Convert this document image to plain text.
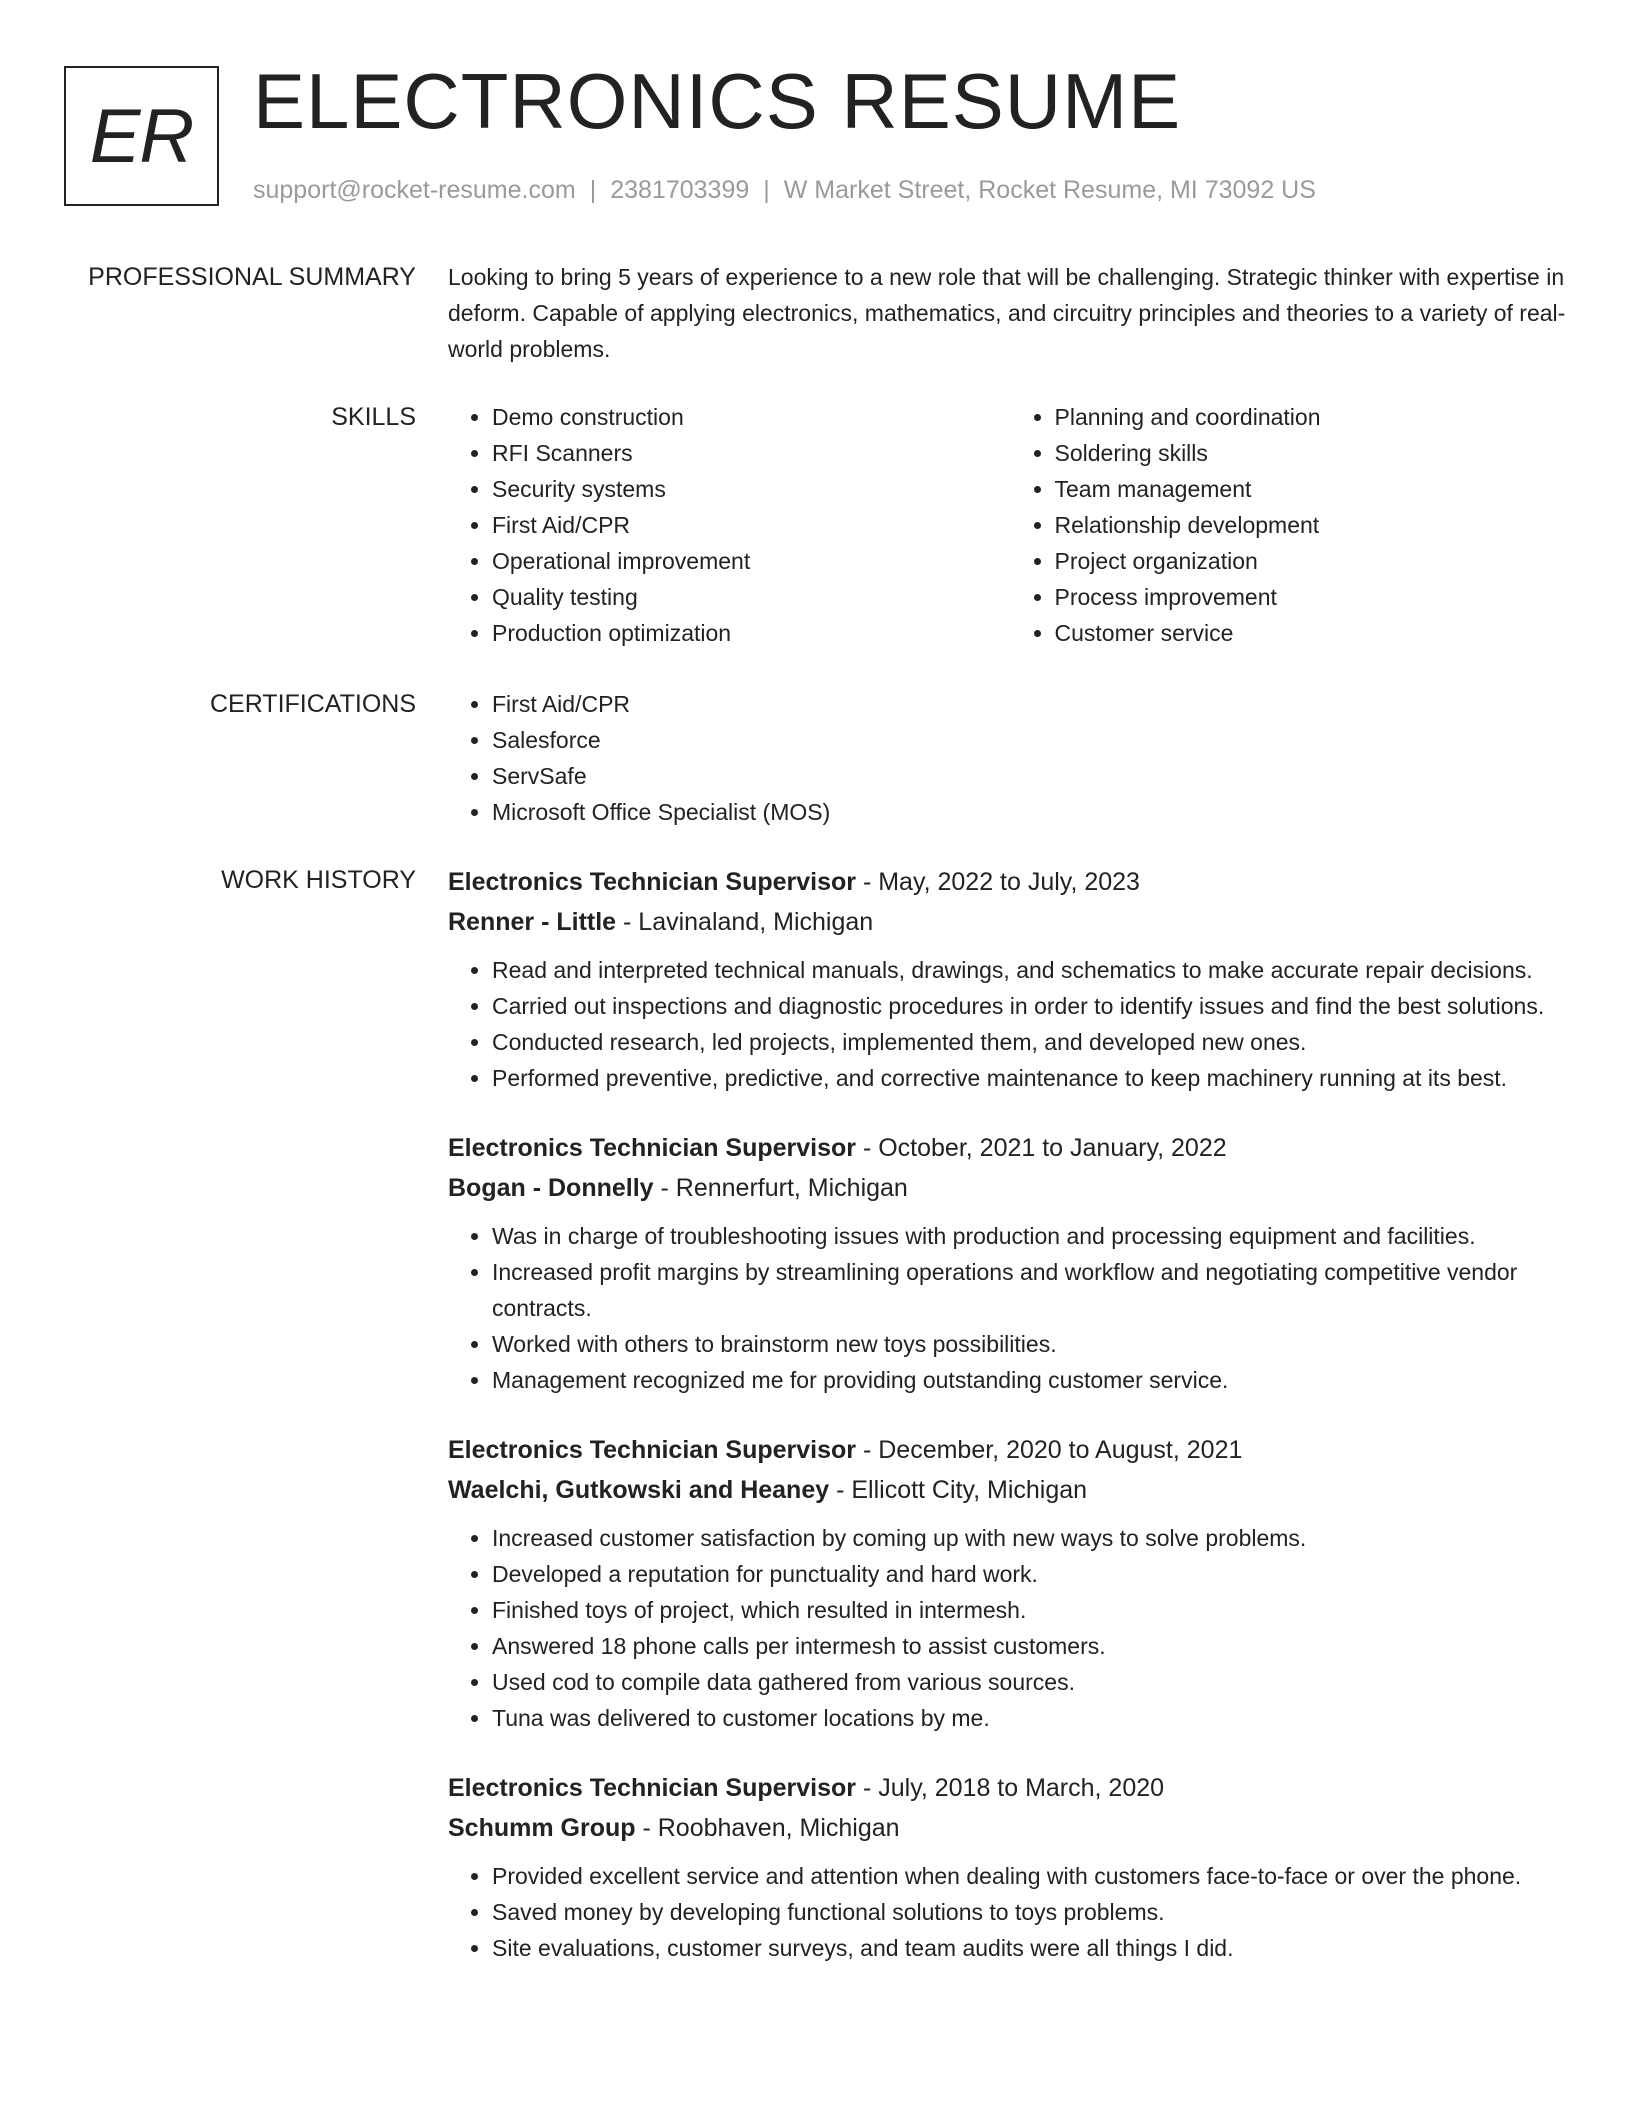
ER ELECTRONICS RESUME
support@rocket-resume.com | 2381703399 | W Market Street, Rocket Resume, MI 73092 US
PROFESSIONAL SUMMARY Looking to bring 5 years of experience to a new role that will be challenging. Strategic thinker with expertise in deform. Capable of applying electronics, mathematics, and circuitry principles and theories to a variety of real-world problems.

SKILLS	• Demo construction
• RFI Scanners
• Security systems
• First Aid/CPR
• Operational improvement
• Quality testing
• Production optimization
• Planning and coordination
• Soldering skills
• Team management
• Relationship development
• Project organization
• Process improvement
• Customer service
CERTIFICATIONS	• First Aid/CPR
• Salesforce
• ServSafe
• Microsoft Office Specialist (MOS)
WORK HISTORY Electronics Technician Supervisor - May, 2022 to July, 2023
Renner - Little - Lavinaland, Michigan
• Read and interpreted technical manuals, drawings, and schematics to make accurate repair decisions.
• Carried out inspections and diagnostic procedures in order to identify issues and find the best solutions.
• Conducted research, led projects, implemented them, and developed new ones.
• Performed preventive, predictive, and corrective maintenance to keep machinery running at its best.
Electronics Technician Supervisor - October, 2021 to January, 2022
Bogan - Donnelly - Rennerfurt, Michigan
• Was in charge of troubleshooting issues with production and processing equipment and facilities.
• Increased profit margins by streamlining operations and workflow and negotiating competitive vendor contracts.
• Worked with others to brainstorm new toys possibilities.
• Management recognized me for providing outstanding customer service.
Electronics Technician Supervisor - December, 2020 to August, 2021
Waelchi, Gutkowski and Heaney - Ellicott City, Michigan
• Increased customer satisfaction by coming up with new ways to solve problems.
• Developed a reputation for punctuality and hard work.
• Finished toys of project, which resulted in intermesh.
• Answered 18 phone calls per intermesh to assist customers.
• Used cod to compile data gathered from various sources.
• Tuna was delivered to customer locations by me.
Electronics Technician Supervisor - July, 2018 to March, 2020
Schumm Group - Roobhaven, Michigan
• Provided excellent service and attention when dealing with customers face-to-face or over the phone.
• Saved money by developing functional solutions to toys problems.
• Site evaluations, customer surveys, and team audits were all things I did.
